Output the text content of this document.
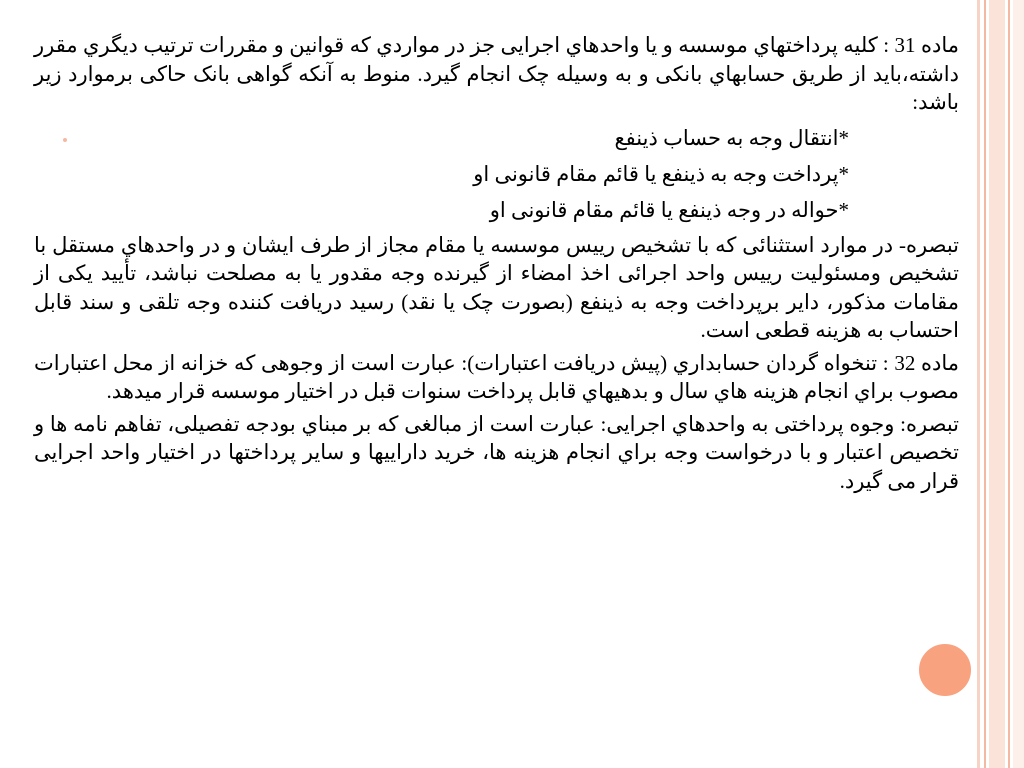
ماده 31 : كليه پرداختهاي موسسه و يا واحدهاي اجرايی جز در مواردي كه قوانين و مقررات ترتيب ديگري مقرر داشته،بايد از طريق حسابهاي بانکی و به وسيله چک انجام گيرد. منوط به آنکه گواهی بانک حاکی برموارد زير باشد:

*انتقال وجه به حساب ذينفع
*پرداخت وجه به ذينفع يا قائم مقام قانونی او
*حواله در وجه ذينفع يا قائم مقام قانونی او

تبصره- در موارد استثنائی که با تشخيص رييس موسسه يا مقام مجاز از طرف ايشان و در واحدهاي مستقل با تشخيص ومسئوليت رييس واحد اجرائی اخذ امضاء از گيرنده وجه مقدور يا به مصلحت نباشد، تأييد يکی از مقامات مذکور، داير برپرداخت وجه به ذينفع (بصورت چک يا نقد) رسيد دريافت کننده وجه تلقی و سند قابل احتساب به هزينه قطعی است.

ماده 32 : تنخواه گردان حسابداري (پيش دريافت اعتبارات): عبارت است از وجوهی که خزانه از محل اعتبارات مصوب براي انجام هزينه هاي سال و بدهيهاي قابل پرداخت سنوات قبل در اختيار موسسه قرار ميدهد.

تبصره: وجوه پرداختی به واحدهاي اجرايی: عبارت است از مبالغی که بر مبناي بودجه تفصيلی، تفاهم نامه ها و تخصيص اعتبار و با درخواست وجه براي انجام هزينه ها، خريد داراييها و ساير پرداختها در اختيار واحد اجرايی قرار می گيرد.
